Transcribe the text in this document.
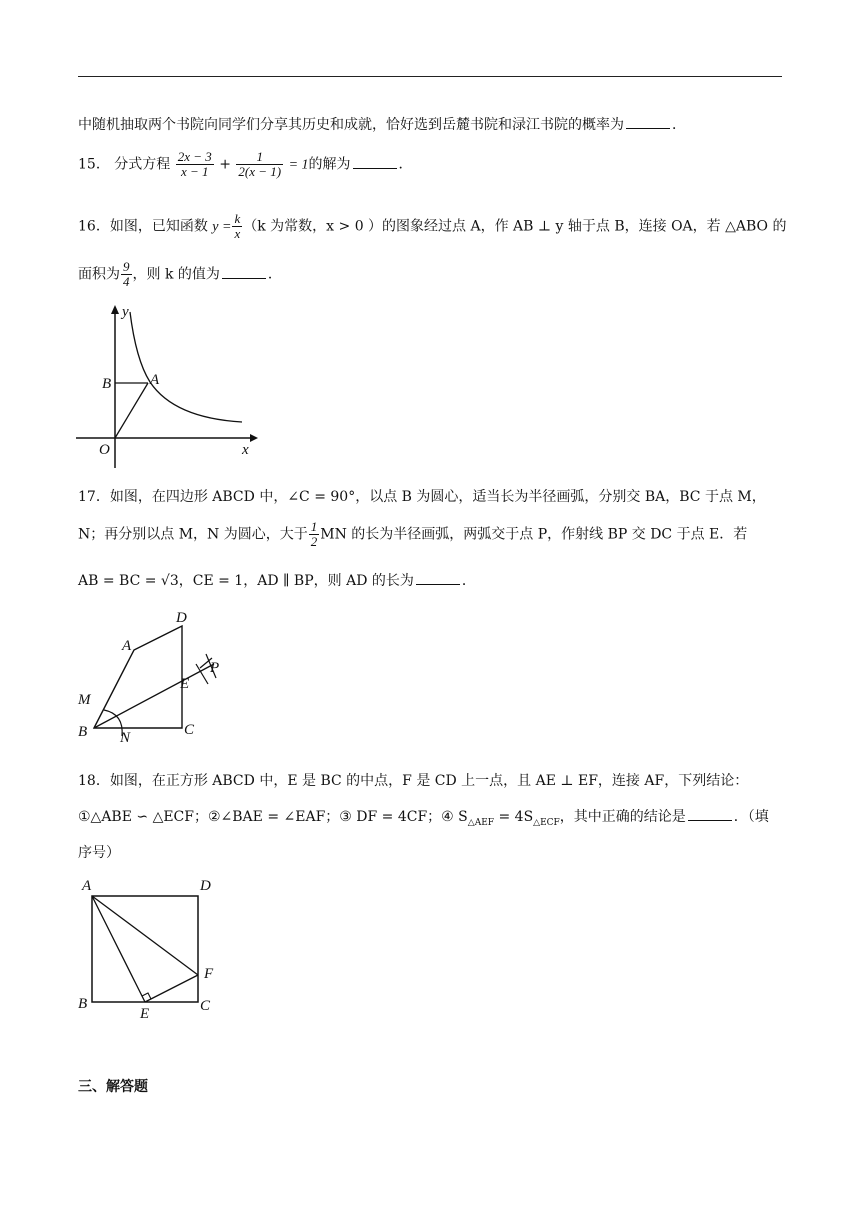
中随机抽取两个书院向同学们分享其历史和成就，恰好选到岳麓书院和渌江书院的概率为	．
15． 分式方程 $\frac{2x - 3}{x - 1} + \frac{1}{2(x - 1)} = 1$的解为	．
16．如图，已知函数 $y = \frac{k}{x} (k$ 为常数，x > 0 ）的图象经过点 A，作 AB ⊥ y 轴于点 B，连接 OA，若 △ABO 的
面积为 $\frac{9}{4}$ ，则 k 的值为	．
y
x
O
A
B
17．如图，在四边形 ABCD 中，∠C = 90°，以点 B 为圆心，适当长为半径画弧，分别交 BA，BC 于点 M，
N；再分别以点 M，N 为圆心，大于 $\frac{1}{2}$ MN 的长为半径画弧，两弧交于点 P，作射线 BP 交 DC 于点 E．若
AB = BC = √3，CE = 1，AD ∥ BP，则 AD 的长为	．
A
D
P
E
M
B N	C
18．如图，在正方形 ABCD 中，E 是 BC 的中点，F 是 CD 上一点，且 AE ⊥ EF，连接 AF，下列结论：
①△ABE ∽ △ECF；②∠BAE = ∠EAF；③ DF = 4CF；④ $S_{\triangle AEF} = 4S_{\triangle ECF}$，其中正确的结论是	．（填
序号）
A	D
B	C
E
F
三、解答题
